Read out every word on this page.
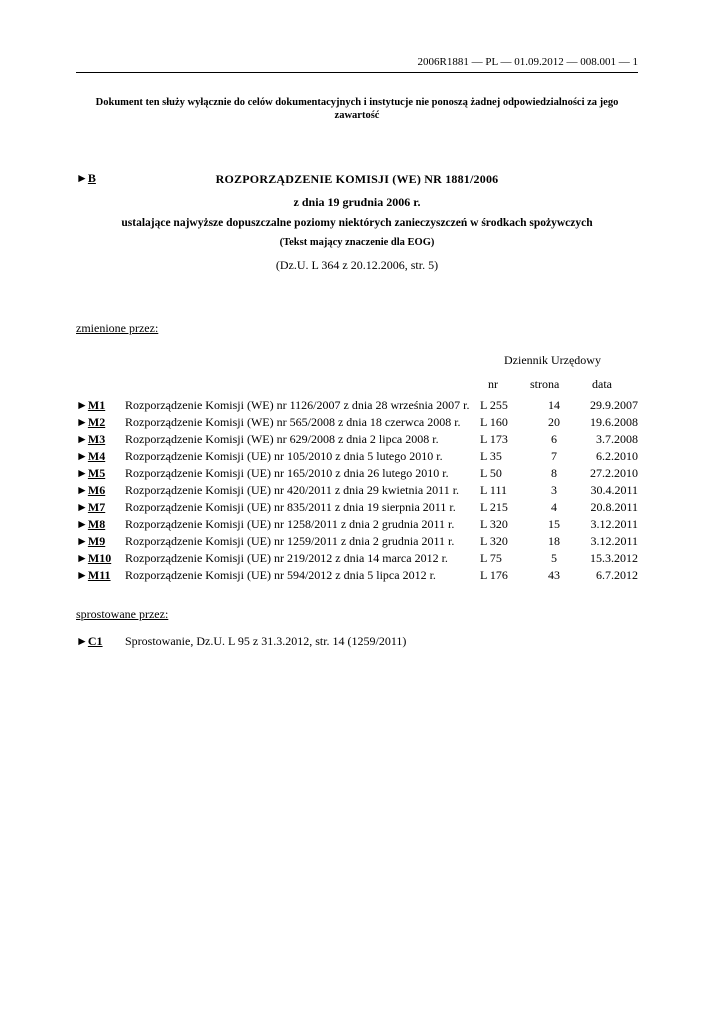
2006R1881 — PL — 01.09.2012 — 008.001 — 1
Dokument ten służy wyłącznie do celów dokumentacyjnych i instytucje nie ponoszą żadnej odpowiedzialności za jego zawartość
►B	ROZPORZĄDZENIE KOMISJI (WE) NR 1881/2006
z dnia 19 grudnia 2006 r.
ustalające najwyższe dopuszczalne poziomy niektórych zanieczyszczeń w środkach spożywczych
(Tekst mający znaczenie dla EOG)
(Dz.U. L 364 z 20.12.2006, str. 5)
zmienione przez:
Dziennik Urzędowy
nr	strona	data
►M1 Rozporządzenie Komisji (WE) nr 1126/2007 z dnia 28 września 2007 r. L 255	14	29.9.2007
►M2 Rozporządzenie Komisji (WE) nr 565/2008 z dnia 18 czerwca 2008 r. L 160	20	19.6.2008
►M3 Rozporządzenie Komisji (WE) nr 629/2008 z dnia 2 lipca 2008 r.	L 173	6	3.7.2008
►M4 Rozporządzenie Komisji (UE) nr 105/2010 z dnia 5 lutego 2010 r.	L 35	7	6.2.2010
►M5 Rozporządzenie Komisji (UE) nr 165/2010 z dnia 26 lutego 2010 r.	L 50	8	27.2.2010
►M6 Rozporządzenie Komisji (UE) nr 420/2011 z dnia 29 kwietnia 2011 r. L 111	3	30.4.2011
►M7 Rozporządzenie Komisji (UE) nr 835/2011 z dnia 19 sierpnia 2011 r. L 215	4	20.8.2011
►M8 Rozporządzenie Komisji (UE) nr 1258/2011 z dnia 2 grudnia 2011 r. L 320	15	3.12.2011
►M9 Rozporządzenie Komisji (UE) nr 1259/2011 z dnia 2 grudnia 2011 r. L 320	18	3.12.2011
►M10 Rozporządzenie Komisji (UE) nr 219/2012 z dnia 14 marca 2012 r.	L 75	5	15.3.2012
►M11 Rozporządzenie Komisji (UE) nr 594/2012 z dnia 5 lipca 2012 r.	L 176	43	6.7.2012
sprostowane przez:
►C1 Sprostowanie, Dz.U. L 95 z 31.3.2012, str. 14 (1259/2011)
